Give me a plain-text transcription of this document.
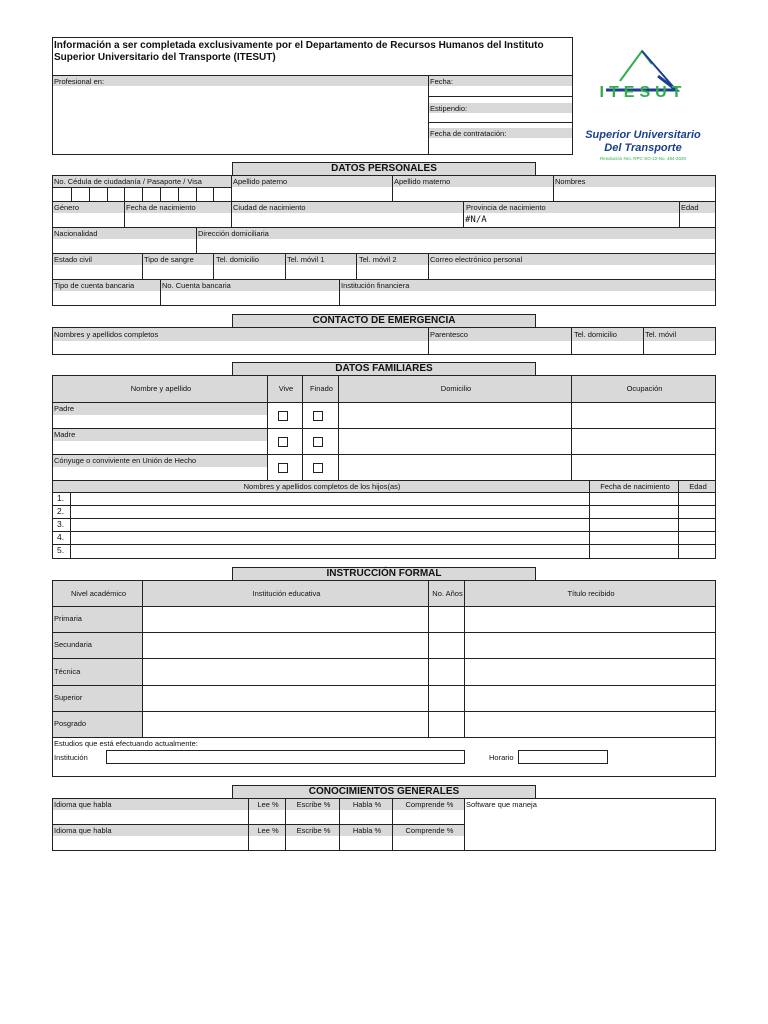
Información a ser completada exclusivamente por el Departamento de Recursos Humanos del Instituto Superior Universitario del Transporte (ITESUT)
Profesional en:	Fecha:
Estipendio:
Fecha de contratación:
ITESUT
Superior Universitario
Del Transporte
Resolución Nro. RPC-SO-22-No. 484-2020
DATOS PERSONALES
No. Cédula de ciudadanía / Pasaporte / Visa	Apellido paterno	Apellido materno	Nombres
Género	Fecha de nacimiento	Ciudad de nacimiento	Provincia de nacimiento	Edad
#N/A
Nacionalidad	Dirección domiciliaria
Estado civil	Tipo de sangre	Tel. domicilio	Tel. móvil 1	Tel. móvil 2	Correo electrónico personal
Tipo de cuenta bancaria	No. Cuenta bancaria	Institución financiera
CONTACTO DE EMERGENCIA
Nombres y apellidos completos	Parentesco	Tel. domicilio	Tel. móvil
DATOS FAMILIARES
Nombre y apellido	Vive	Finado	Domicilio	Ocupación
Padre
Madre
Cónyuge o conviviente en Unión de Hecho
Nombres y apellidos completos de los hijos(as)	Fecha de nacimiento	Edad
1.
2.
3.
4.
5.
INSTRUCCIÓN FORMAL
Nivel académico	Institución educativa	No. Años	Título recibido
Primaria
Secundaria
Técnica
Superior
Posgrado
Estudios que está efectuando actualmente:
Institución	Horario
CONOCIMIENTOS GENERALES
Idioma que habla	Lee %	Escribe %	Habla %	Comprende %
Idioma que habla	Lee %	Escribe %	Habla %	Comprende %
Software que maneja
